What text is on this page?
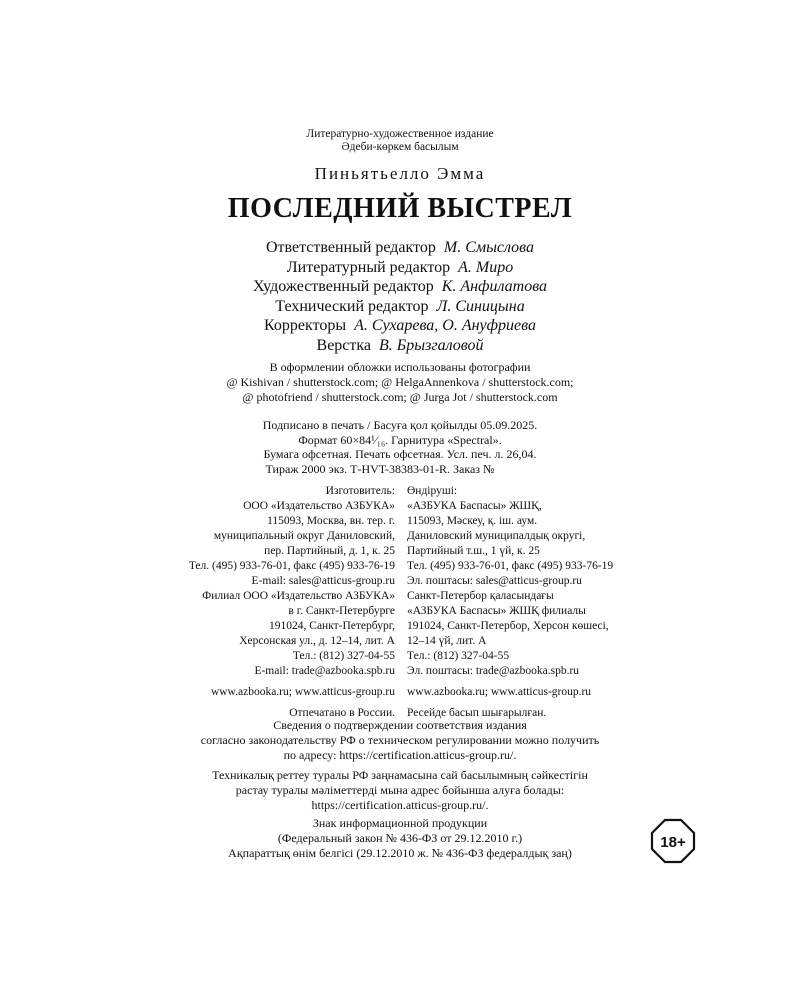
Литературно-художественное издание
Әдеби-көркем басылым
Пиньятьелло Эмма
ПОСЛЕДНИЙ ВЫСТРЕЛ
Ответственный редактор М. Смыслова
Литературный редактор А. Миро
Художественный редактор К. Анфилатова
Технический редактор Л. Синицына
Корректоры А. Сухарева, О. Ануфриева
Верстка В. Брызгаловой
В оформлении обложки использованы фотографии
@ Kishivan / shutterstock.com; @ HelgaAnnenkova / shutterstock.com;
@ photofriend / shutterstock.com; @ Jurga Jot / shutterstock.com
Подписано в печать / Басуға қол қойылды 05.09.2025.
Формат 60×84¹⁄₁₆. Гарнитура «Spectral».
Бумага офсетная. Печать офсетная. Усл. печ. л. 26,04.
Тираж 2000 экз. Т-HVT-38383-01-R. Заказ №
Изготовитель:
ООО «Издательство АЗБУКА»
115093, Москва, вн. тер. г.
муниципальный округ Даниловский,
пер. Партийный, д. 1, к. 25
Тел. (495) 933-76-01, факс (495) 933-76-19
E-mail: sales@atticus-group.ru
Филиал ООО «Издательство АЗБУКА»
в г. Санкт-Петербурге
191024, Санкт-Петербург,
Херсонская ул., д. 12–14, лит. А
Тел.: (812) 327-04-55
E-mail: trade@azbooka.spb.ru
www.azbooka.ru; www.atticus-group.ru
Отпечатано в России.
Өндіруші:
«АЗБУКА Баспасы» ЖШҚ,
115093, Мәскеу, қ. іш. аум.
Даниловский муниципалдық округі,
Партийный т.ш., 1 үй, к. 25
Тел. (495) 933-76-01, факс (495) 933-76-19
Эл. поштасы: sales@atticus-group.ru
Санкт-Петербор қаласындағы
«АЗБУКА Баспасы» ЖШҚ филиалы
191024, Санкт-Петербор, Херсон көшесі,
12–14 үй, лит. А
Тел.: (812) 327-04-55
Эл. поштасы: trade@azbooka.spb.ru
www.azbooka.ru; www.atticus-group.ru
Ресейде басып шығарылған.
Сведения о подтверждении соответствия издания
согласно законодательству РФ о техническом регулировании можно получить
по адресу: https://certification.atticus-group.ru/.
Техникалық реттеу туралы РФ заңнамасына сай басылымның сәйкестігін
растау туралы мәліметтерді мына адрес бойынша алуға болады:
https://certification.atticus-group.ru/.
Знак информационной продукции
(Федеральный закон № 436-ФЗ от 29.12.2010 г.)
Ақпараттық өнім белгісі (29.12.2010 ж. № 436-ФЗ федералдық заң)
18+
